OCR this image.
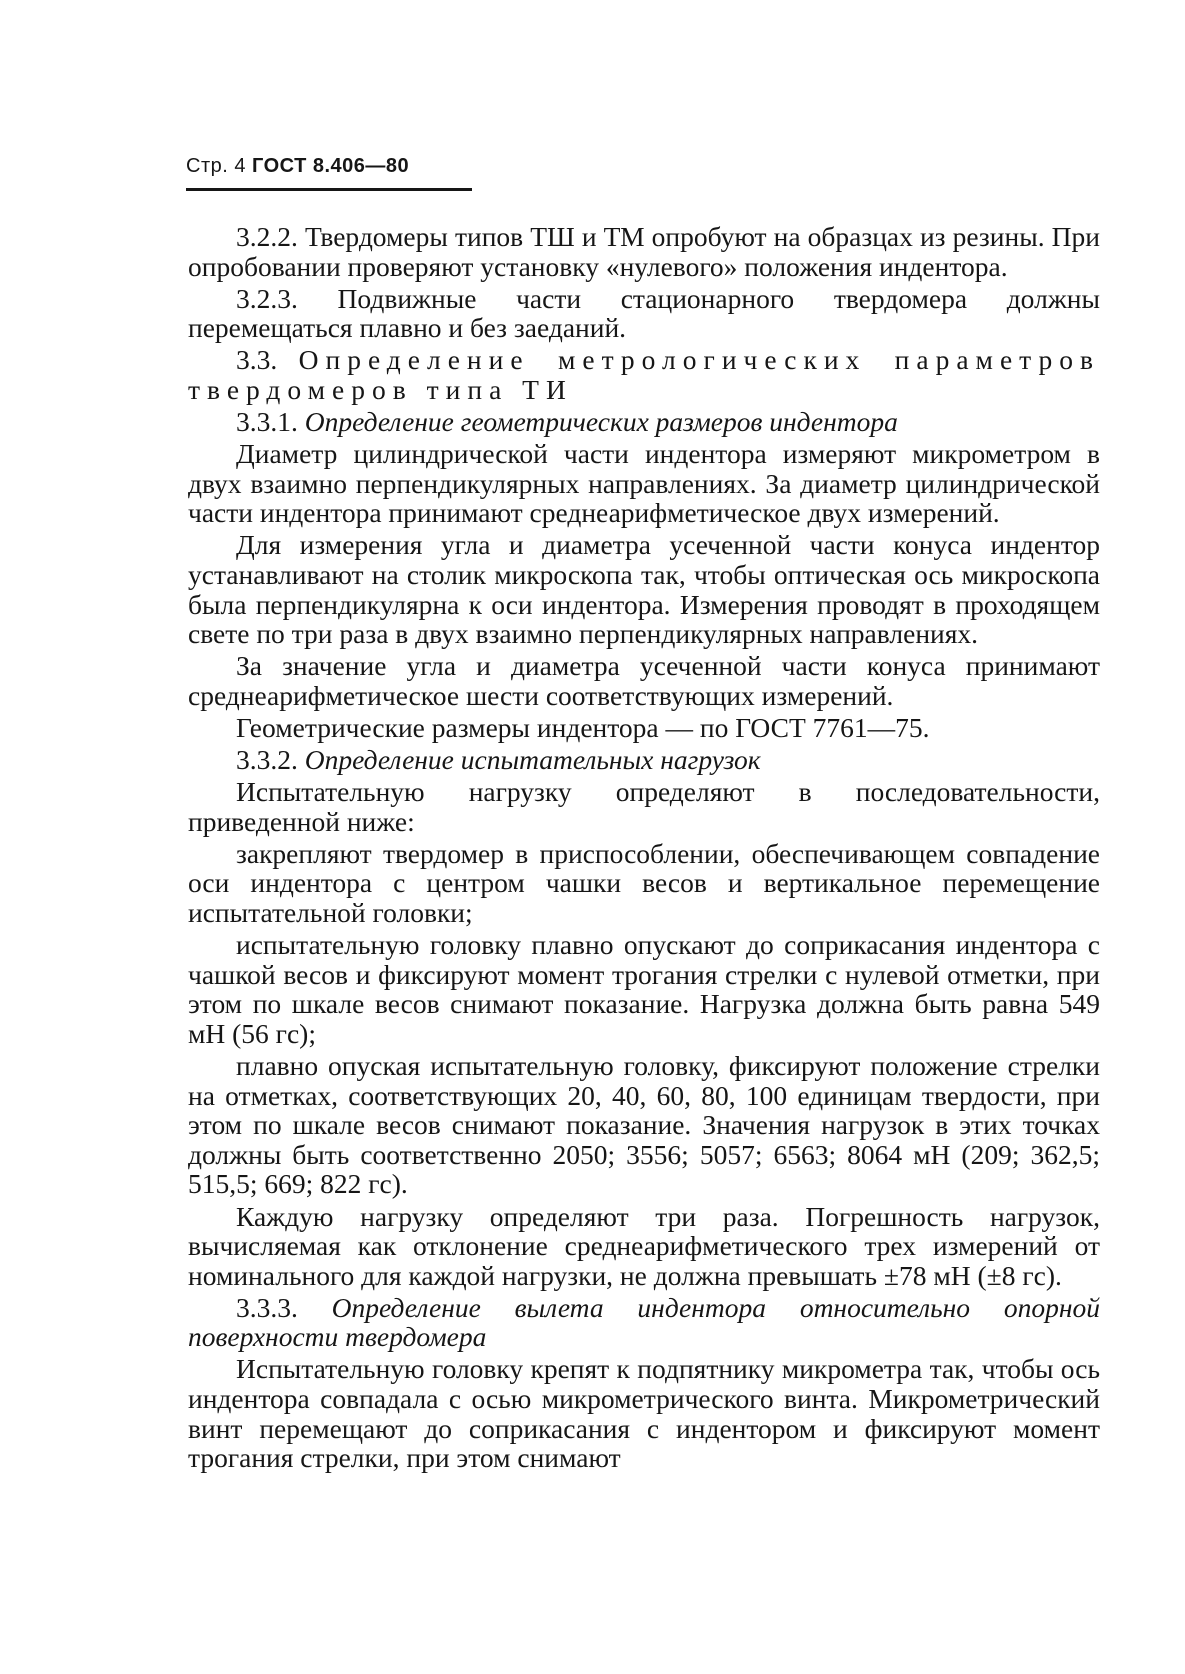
Стр. 4 ГОСТ 8.406—80

3.2.2. Твердомеры типов ТШ и ТМ опробуют на образцах из резины. При опробовании проверяют установку «нулевого» положения индентора.

3.2.3. Подвижные части стационарного твердомера должны перемещаться плавно и без заеданий.

3.3. Определение метрологических параметров твердомеров типа ТИ

3.3.1. Определение геометрических размеров индентора

Диаметр цилиндрической части индентора измеряют микрометром в двух взаимно перпендикулярных направлениях. За диаметр цилиндрической части индентора принимают среднеарифметическое двух измерений.

Для измерения угла и диаметра усеченной части конуса индентор устанавливают на столик микроскопа так, чтобы оптическая ось микроскопа была перпендикулярна к оси индентора. Измерения проводят в проходящем свете по три раза в двух взаимно перпендикулярных направлениях.

За значение угла и диаметра усеченной части конуса принимают среднеарифметическое шести соответствующих измерений.

Геометрические размеры индентора — по ГОСТ 7761—75.

3.3.2. Определение испытательных нагрузок

Испытательную нагрузку определяют в последовательности, приведенной ниже:

закрепляют твердомер в приспособлении, обеспечивающем совпадение оси индентора с центром чашки весов и вертикальное перемещение испытательной головки;

испытательную головку плавно опускают до соприкасания индентора с чашкой весов и фиксируют момент трогания стрелки с нулевой отметки, при этом по шкале весов снимают показание. Нагрузка должна быть равна 549 мН (56 гс);

плавно опуская испытательную головку, фиксируют положение стрелки на отметках, соответствующих 20, 40, 60, 80, 100 единицам твердости, при этом по шкале весов снимают показание. Значения нагрузок в этих точках должны быть соответственно 2050; 3556; 5057; 6563; 8064 мН (209; 362,5; 515,5; 669; 822 гс).

Каждую нагрузку определяют три раза. Погрешность нагрузок, вычисляемая как отклонение среднеарифметического трех измерений от номинального для каждой нагрузки, не должна превышать ±78 мН (±8 гс).

3.3.3. Определение вылета индентора относительно опорной поверхности твердомера

Испытательную головку крепят к подпятнику микрометра так, чтобы ось индентора совпадала с осью микрометрического винта. Микрометрический винт перемещают до соприкасания с индентором и фиксируют момент трогания стрелки, при этом снимают
